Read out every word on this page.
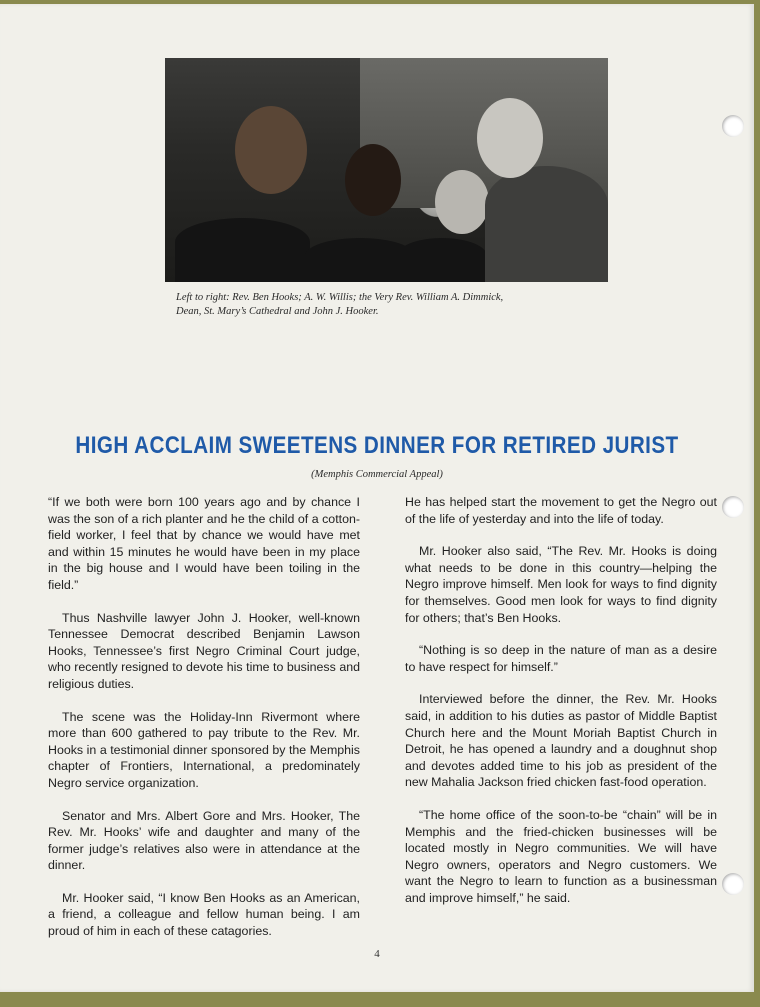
Left to right: Rev. Ben Hooks; A. W. Willis; the Very Rev. William A. Dimmick,
Dean, St. Mary’s Cathedral and John J. Hooker.
HIGH ACCLAIM SWEETENS DINNER FOR RETIRED JURIST
(Memphis Commercial Appeal)

“If we both were born 100 years ago and by chance I was the son of a rich planter and he the child of a cotton-field worker, I feel that by chance we would have met and within 15 minutes he would have been in my place in the big house and I would have been toiling in the field.”

Thus Nashville lawyer John J. Hooker, well-known Tennessee Democrat described Benjamin Lawson Hooks, Tennessee’s first Negro Criminal Court judge, who recently resigned to devote his time to business and religious duties.

The scene was the Holiday-Inn Rivermont where more than 600 gathered to pay tribute to the Rev. Mr. Hooks in a testimonial dinner sponsored by the Memphis chapter of Frontiers, International, a predominately Negro service organization.

Senator and Mrs. Albert Gore and Mrs. Hooker, The Rev. Mr. Hooks’ wife and daughter and many of the former judge’s relatives also were in attendance at the dinner.

Mr. Hooker said, “I know Ben Hooks as an American, a friend, a colleague and fellow human being. I am proud of him in each of these catagories.

He has helped start the movement to get the Negro out of the life of yesterday and into the life of today.

Mr. Hooker also said, “The Rev. Mr. Hooks is doing what needs to be done in this country—helping the Negro improve himself. Men look for ways to find dignity for themselves. Good men look for ways to find dignity for others; that’s Ben Hooks.

“Nothing is so deep in the nature of man as a desire to have respect for himself.”

Interviewed before the dinner, the Rev. Mr. Hooks said, in addition to his duties as pastor of Middle Baptist Church here and the Mount Moriah Baptist Church in Detroit, he has opened a laundry and a doughnut shop and devotes added time to his job as president of the new Mahalia Jackson fried chicken fast-food operation.

“The home office of the soon-to-be “chain” will be in Memphis and the fried-chicken businesses will be located mostly in Negro communities. We will have Negro owners, operators and Negro customers. We want the Negro to learn to function as a businessman and improve himself,” he said.

4
